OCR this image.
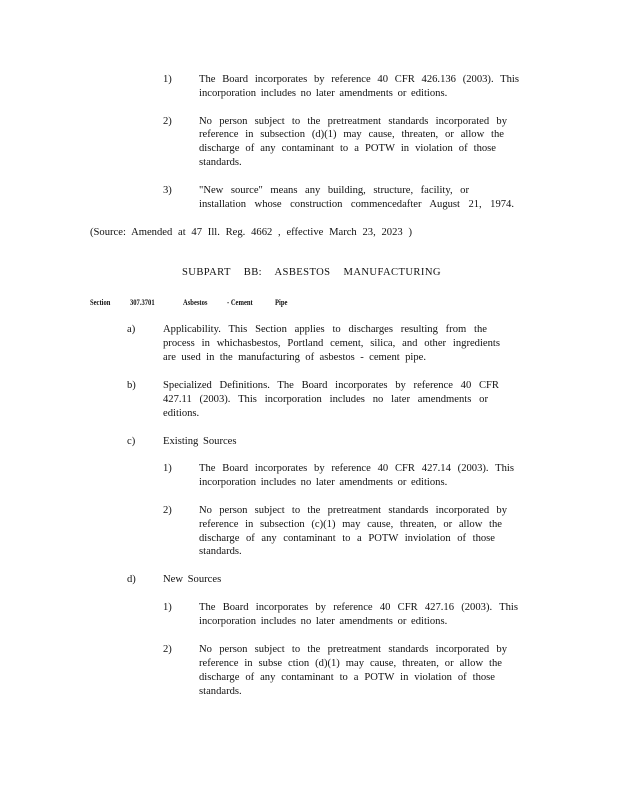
1)	The Board incorporates by reference 40 CFR 426.136 (2003). This
incorporation includes no later amendments or editions.
2)	No person subject to the pretreatment standards incorporated by
reference in subsection (d)(1) may cause, threaten, or allow the
discharge of any contaminant to a POTW in violation of those
standards.
3)	"New source" means any building, structure, facility, or
installation whose construction commencedafter August 21, 1974.
(Source: Amended at 47 Ill. Reg. 4662 , effective March 23, 2023 )
SUBPART BB: ASBESTOS MANUFACTURING
Section 307.3701	Asbestos - Cement	Pipe
a)	Applicability. This Section applies to discharges resulting from the
process in whichasbestos, Portland cement, silica, and other ingredients
are used in the manufacturing of asbestos - cement pipe.
b)	Specialized Definitions. The Board incorporates by reference 40 CFR
427.11 (2003). This incorporation includes no later amendments or
editions.
c)	Existing Sources
1)	The Board incorporates by reference 40 CFR 427.14 (2003). This
incorporation includes no later amendments or editions.
2)	No person subject to the pretreatment standards incorporated by
reference in subsection (c)(1) may cause, threaten, or allow the
discharge of any contaminant to a POTW inviolation of those
standards.
d)	New Sources
1)	The Board incorporates by reference 40 CFR 427.16 (2003). This
incorporation includes no later amendments or editions.
2)	No person subject to the pretreatment standards incorporated by
reference in subse ction (d)(1) may cause, threaten, or allow the
discharge of any contaminant to a POTW in violation of those
standards.
